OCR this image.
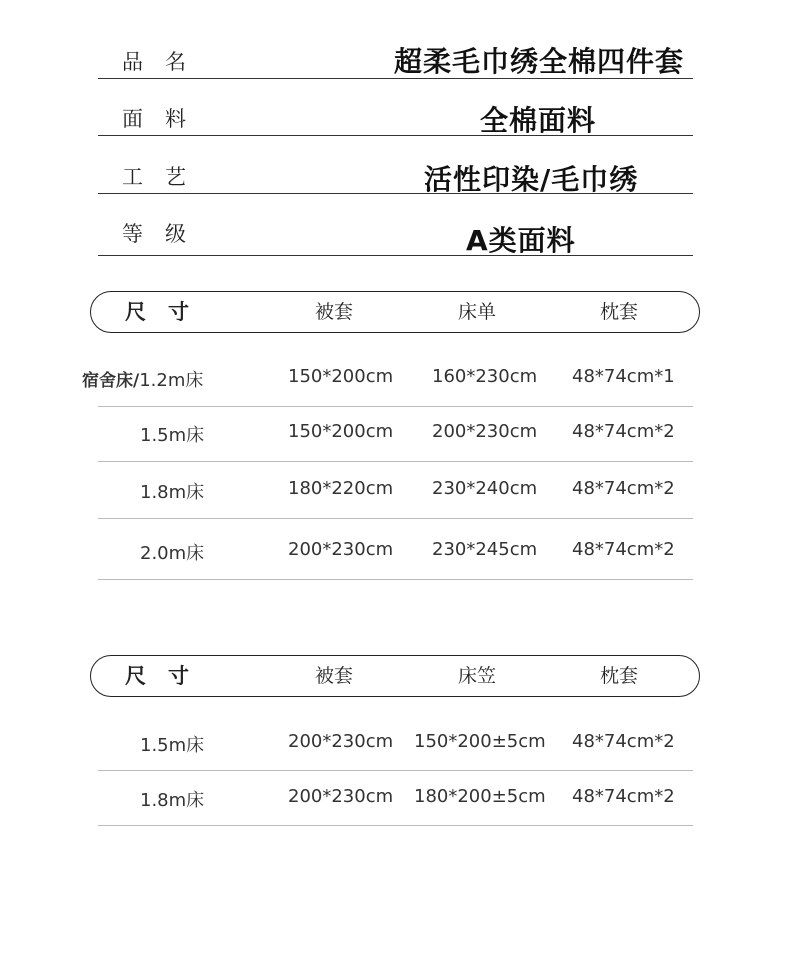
品名	超柔毛巾绣全棉四件套
面料	全棉面料
工艺	活性印染/毛巾绣
等级	A类面料
尺寸	被套	床单	枕套
宿舍床/1.2m床	150*200cm 160*230cm 48*74cm*1
1.5m床	150*200cm 200*230cm 48*74cm*2
1.8m床	180*220cm 230*240cm 48*74cm*2
2.0m床	200*230cm 230*245cm 48*74cm*2
尺寸	被套	床笠	枕套
1.5m床	200*230cm 150*200±5cm 48*74cm*2
1.8m床	200*230cm 180*200±5cm 48*74cm*2
